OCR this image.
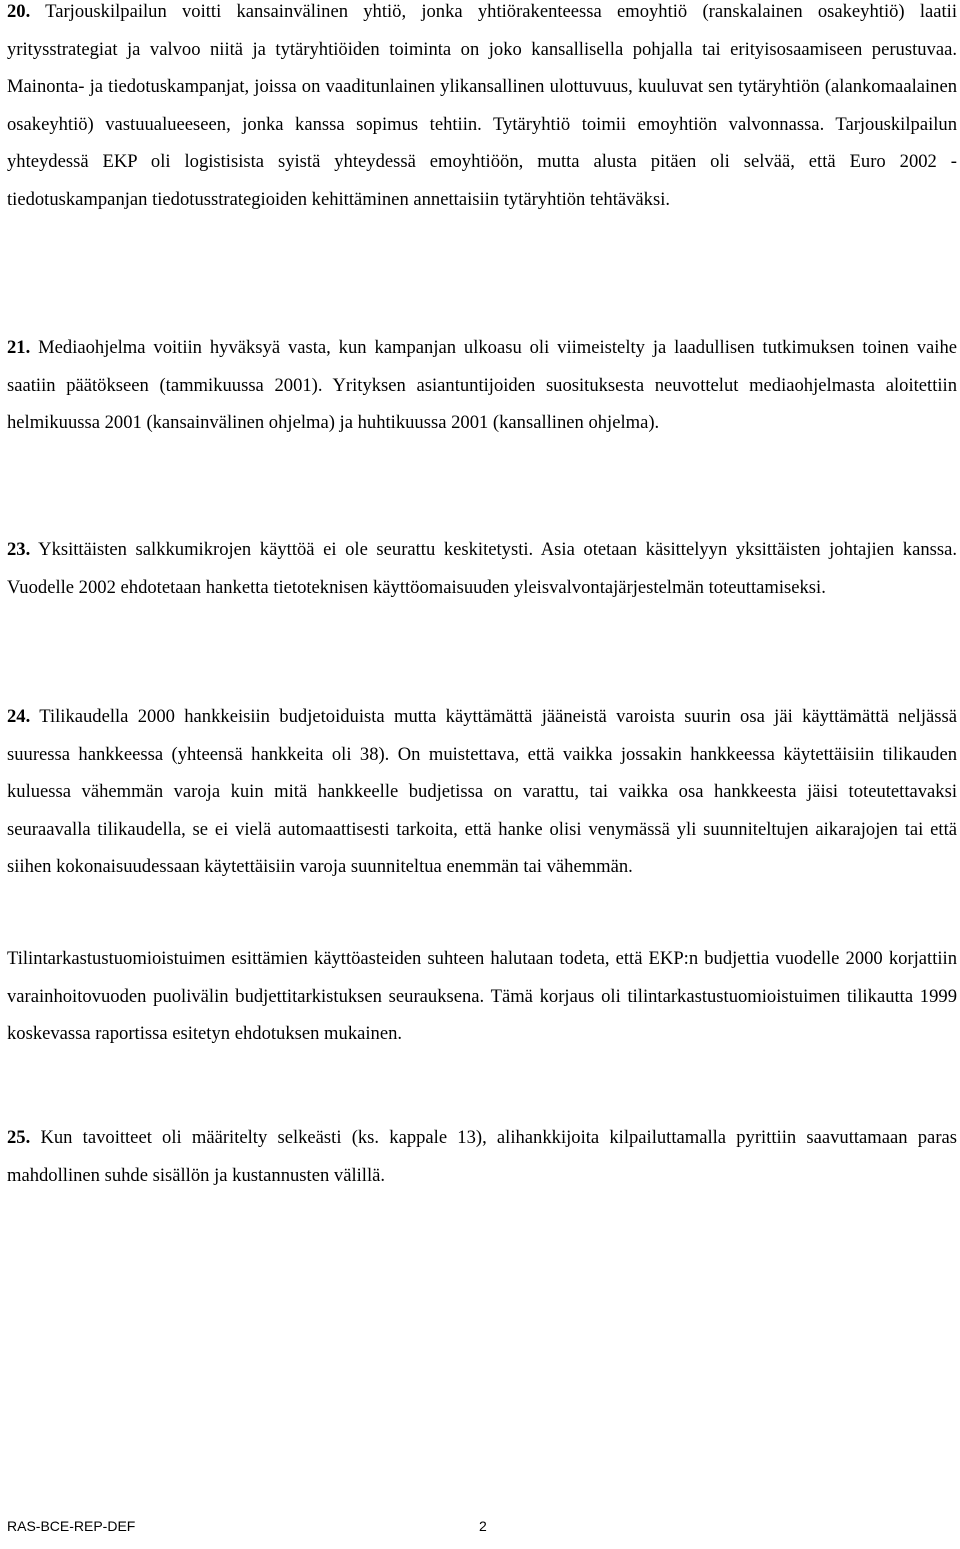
20. Tarjouskilpailun voitti kansainvälinen yhtiö, jonka yhtiörakenteessa emoyhtiö (ranskalainen osakeyhtiö) laatii yritysstrategiat ja valvoo niitä ja tytäryhtiöiden toiminta on joko kansallisella pohjalla tai erityisosaamiseen perustuvaa. Mainonta- ja tiedotuskampanjat, joissa on vaaditunlainen ylikansallinen ulottuvuus, kuuluvat sen tytäryhtiön (alankomaalainen osakeyhtiö) vastuualueeseen, jonka kanssa sopimus tehtiin. Tytäryhtiö toimii emoyhtiön valvonnassa. Tarjouskilpailun yhteydessä EKP oli logistisista syistä yhteydessä emoyhtiöön, mutta alusta pitäen oli selvää, että Euro 2002 -tiedotuskampanjan tiedotusstrategioiden kehittäminen annettaisiin tytäryhtiön tehtäväksi.

21. Mediaohjelma voitiin hyväksyä vasta, kun kampanjan ulkoasu oli viimeistelty ja laadullisen tutkimuksen toinen vaihe saatiin päätökseen (tammikuussa 2001). Yrityksen asiantuntijoiden suosituksesta neuvottelut mediaohjelmasta aloitettiin helmikuussa 2001 (kansainvälinen ohjelma) ja huhtikuussa 2001 (kansallinen ohjelma).

23. Yksittäisten salkkumikrojen käyttöä ei ole seurattu keskitetysti. Asia otetaan käsittelyyn yksittäisten johtajien kanssa. Vuodelle 2002 ehdotetaan hanketta tietoteknisen käyttöomaisuuden yleisvalvontajärjestelmän toteuttamiseksi.

24. Tilikaudella 2000 hankkeisiin budjetoiduista mutta käyttämättä jääneistä varoista suurin osa jäi käyttämättä neljässä suuressa hankkeessa (yhteensä hankkeita oli 38). On muistettava, että vaikka jossakin hankkeessa käytettäisiin tilikauden kuluessa vähemmän varoja kuin mitä hankkeelle budjetissa on varattu, tai vaikka osa hankkeesta jäisi toteutettavaksi seuraavalla tilikaudella, se ei vielä automaattisesti tarkoita, että hanke olisi venymässä yli suunniteltujen aikarajojen tai että siihen kokonaisuudessaan käytettäisiin varoja suunniteltua enemmän tai vähemmän.

Tilintarkastustuomioistuimen esittämien käyttöasteiden suhteen halutaan todeta, että EKP:n budjettia vuodelle 2000 korjattiin varainhoitovuoden puolivälin budjettitarkistuksen seurauksena. Tämä korjaus oli tilintarkastustuomioistuimen tilikautta 1999 koskevassa raportissa esitetyn ehdotuksen mukainen.

25. Kun tavoitteet oli määritelty selkeästi (ks. kappale 13), alihankkijoita kilpailuttamalla pyrittiin saavuttamaan paras mahdollinen suhde sisällön ja kustannusten välillä.

RAS-BCE-REP-DEF	2
